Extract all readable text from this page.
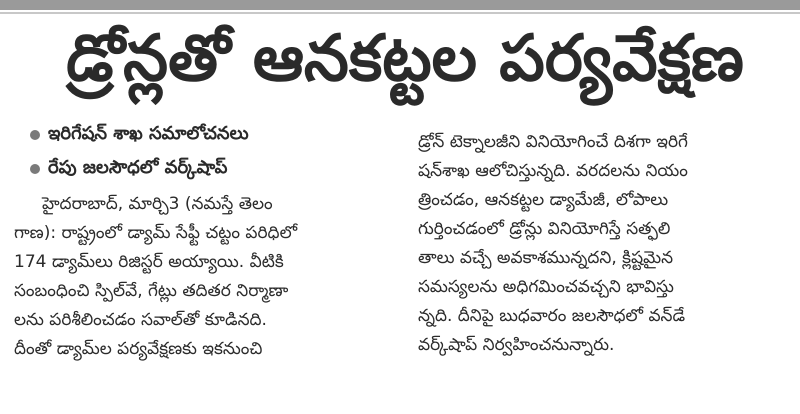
డ్రోన్లతో ఆనకట్టల పర్యవేక్షణ
ఇరిగేషన్ శాఖ సమాలోచనలు
రేపు జలసౌధలో వర్క్‌షాప్
హైదరాబాద్, మార్చి3 (నమస్తే తెలం
గాణ): రాష్ట్రంలో డ్యామ్ సేఫ్టీ చట్టం పరిధిలో
174 డ్యామ్‌లు రిజిస్టర్ అయ్యాయి. వీటికి
సంబంధించి స్పిల్‌వే, గేట్లు తదితర నిర్మాణా
లను పరిశీలించడం సవాల్‌తో కూడినది.
దీంతో డ్యామ్‌ల పర్యవేక్షణకు ఇకనుంచి
డ్రోన్ టెక్నాలజీని వినియోగించే దిశగా ఇరిగే
షన్‌శాఖ ఆలోచిస్తున్నది. వరదలను నియం
త్రించడం, ఆనకట్టల డ్యామేజీ, లోపాలు
గుర్తించడంలో డ్రోన్లు వినియోగిస్తే సత్ఫలి
తాలు వచ్చే అవకాశమున్నదని, క్లిష్టమైన
సమస్యలను అధిగమించవచ్చని భావిస్తు
న్నది. దీనిపై బుధవారం జలసౌధలో వన్‌డే
వర్క్‌షాప్ నిర్వహించనున్నారు.
